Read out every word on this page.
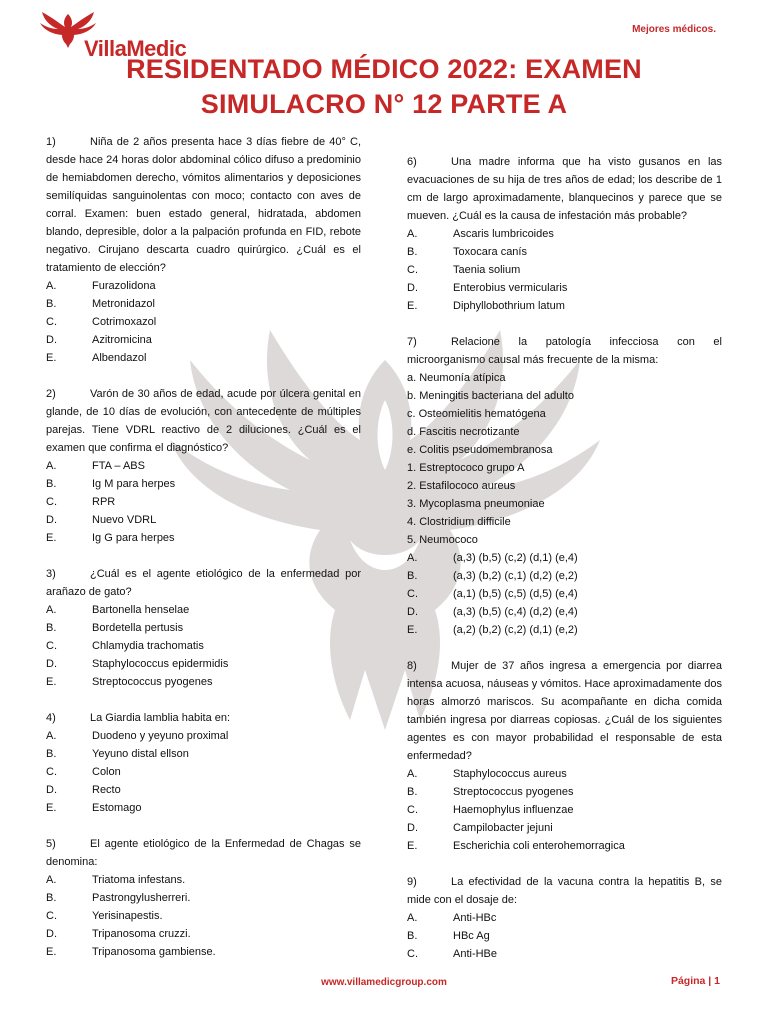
VillaMedic
Mejores médicos.
RESIDENTADO MÉDICO 2022: EXAMEN
SIMULACRO N° 12 PARTE A
1)	Niña de 2 años presenta hace 3 días fiebre de 40° C, desde hace 24 horas dolor abdominal cólico difuso a predominio de hemiabdomen derecho, vómitos alimentarios y deposiciones semilíquidas sanguinolentas con moco; contacto con aves de corral. Examen: buen estado general, hidratada, abdomen blando, depresible, dolor a la palpación profunda en FID, rebote negativo. Cirujano descarta cuadro quirúrgico. ¿Cuál es el tratamiento de elección?
A.	Furazolidona
B.	Metronidazol
C.	Cotrimoxazol
D.	Azitromicina
E.	Albendazol
2)	Varón de 30 años de edad, acude por úlcera genital en glande, de 10 días de evolución, con antecedente de múltiples parejas. Tiene VDRL reactivo de 2 diluciones. ¿Cuál es el examen que confirma el diagnóstico?
A.	FTA – ABS
B.	Ig M para herpes
C.	RPR
D.	Nuevo VDRL
E.	Ig G para herpes
3)	¿Cuál es el agente etiológico de la enfermedad por arañazo de gato?
A.	Bartonella henselae
B.	Bordetella pertusis
C.	Chlamydia trachomatis
D.	Staphylococcus epidermidis
E.	Streptococcus pyogenes
4)	La Giardia lamblia habita en:
A.	Duodeno y yeyuno proximal
B.	Yeyuno distal ellson
C.	Colon
D.	Recto
E.	Estomago
5)	El agente etiológico de la Enfermedad de Chagas se denomina:
A.	Triatoma infestans.
B.	Pastrongylusherreri.
C.	Yerisinapestis.
D.	Tripanosoma cruzzi.
E.	Tripanosoma gambiense.
6)	Una madre informa que ha visto gusanos en las evacuaciones de su hija de tres años de edad; los describe de 1 cm de largo aproximadamente, blanquecinos y parece que se mueven. ¿Cuál es la causa de infestación más probable?
A.	Ascaris lumbricoides
B.	Toxocara canís
C.	Taenia solium
D.	Enterobius vermicularis
E.	Diphyllobothrium latum
7)	Relacione la patología infecciosa con el microorganismo causal más frecuente de la misma:
a. Neumonía atípica
b. Meningitis bacteriana del adulto
c. Osteomielitis hematógena
d. Fascitis necrotizante
e. Colitis pseudomembranosa
1. Estreptococo grupo A
2. Estafilococo aureus
3. Mycoplasma pneumoniae
4. Clostridium difficile
5. Neumococo
A.	(a,3) (b,5) (c,2) (d,1) (e,4)
B.	(a,3) (b,2) (c,1) (d,2) (e,2)
C.	(a,1) (b,5) (c,5) (d,5) (e,4)
D.	(a,3) (b,5) (c,4) (d,2) (e,4)
E.	(a,2) (b,2) (c,2) (d,1) (e,2)
8)	Mujer de 37 años ingresa a emergencia por diarrea intensa acuosa, náuseas y vómitos. Hace aproximadamente dos horas almorzó mariscos. Su acompañante en dicha comida también ingresa por diarreas copiosas. ¿Cuál de los siguientes agentes es con mayor probabilidad el responsable de esta enfermedad?
A.	Staphylococcus aureus
B.	Streptococcus pyogenes
C.	Haemophylus influenzae
D.	Campilobacter jejuni
E.	Escherichia coli enterohemorragica
9)	La efectividad de la vacuna contra la hepatitis B, se mide con el dosaje de:
A.	Anti-HBc
B.	HBc Ag
C.	Anti-HBe
www.villamedicgroup.com	Página | 1
